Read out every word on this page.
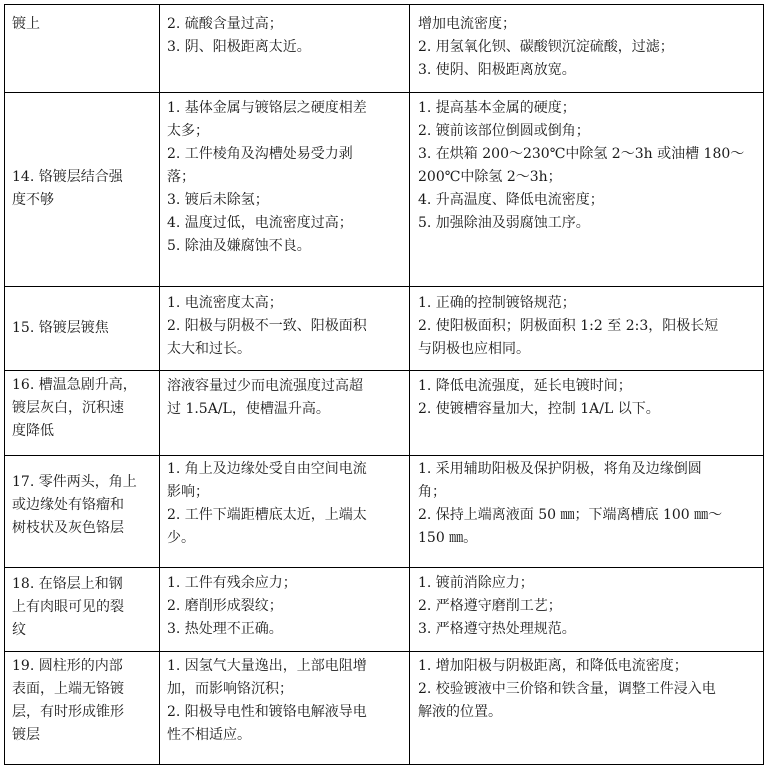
镀上	2. 硫酸含量过高；
3. 阴、阳极距离太近。
增加电流密度；
2. 用氢氧化钡、碳酸钡沉淀硫酸，过滤；
3. 使阴、阳极距离放宽。
14. 铬镀层结合强
度不够
1. 基体金属与镀铬层之硬度相差
太多；
2. 工件棱角及沟槽处易受力剥
落；
3. 镀后未除氢；
4. 温度过低，电流密度过高；
5. 除油及嫌腐蚀不良。
1. 提高基本金属的硬度；
2. 镀前该部位倒圆或倒角；
3. 在烘箱 200～230℃中除氢 2～3h 或油槽 180～
200℃中除氢 2～3h；
4. 升高温度、降低电流密度；
5. 加强除油及弱腐蚀工序。
15. 铬镀层镀焦
1. 电流密度太高；
2. 阳极与阴极不一致、阳极面积
太大和过长。
1. 正确的控制镀铬规范；
2. 使阳极面积；阴极面积 1:2 至 2:3，阳极长短
与阴极也应相同。
16. 槽温急剧升高，
镀层灰白，沉积速
度降低
溶液容量过少而电流强度过高超
过 1.5A/L，使槽温升高。
1. 降低电流强度，延长电镀时间；
2. 使镀槽容量加大，控制 1A/L 以下。
17. 零件两头，角上
或边缘处有铬瘤和
树枝状及灰色铬层
1. 角上及边缘处受自由空间电流
影响；
2. 工件下端距槽底太近，上端太
少。
1. 采用辅助阳极及保护阴极，将角及边缘倒圆
角；
2. 保持上端离液面 50 ㎜；下端离槽底 100 ㎜～
150 ㎜。
18. 在铬层上和钢
上有肉眼可见的裂
纹
1. 工件有残余应力；
2. 磨削形成裂纹；
3. 热处理不正确。
1. 镀前消除应力；
2. 严格遵守磨削工艺；
3. 严格遵守热处理规范。
19. 圆柱形的内部
表面，上端无铬镀
层，有时形成锥形
镀层
1. 因氢气大量逸出，上部电阻增
加，而影响铬沉积；
2. 阳极导电性和镀铬电解液导电
性不相适应。
1. 增加阳极与阴极距离，和降低电流密度；
2. 校验镀液中三价铬和铁含量，调整工件浸入电
解液的位置。
